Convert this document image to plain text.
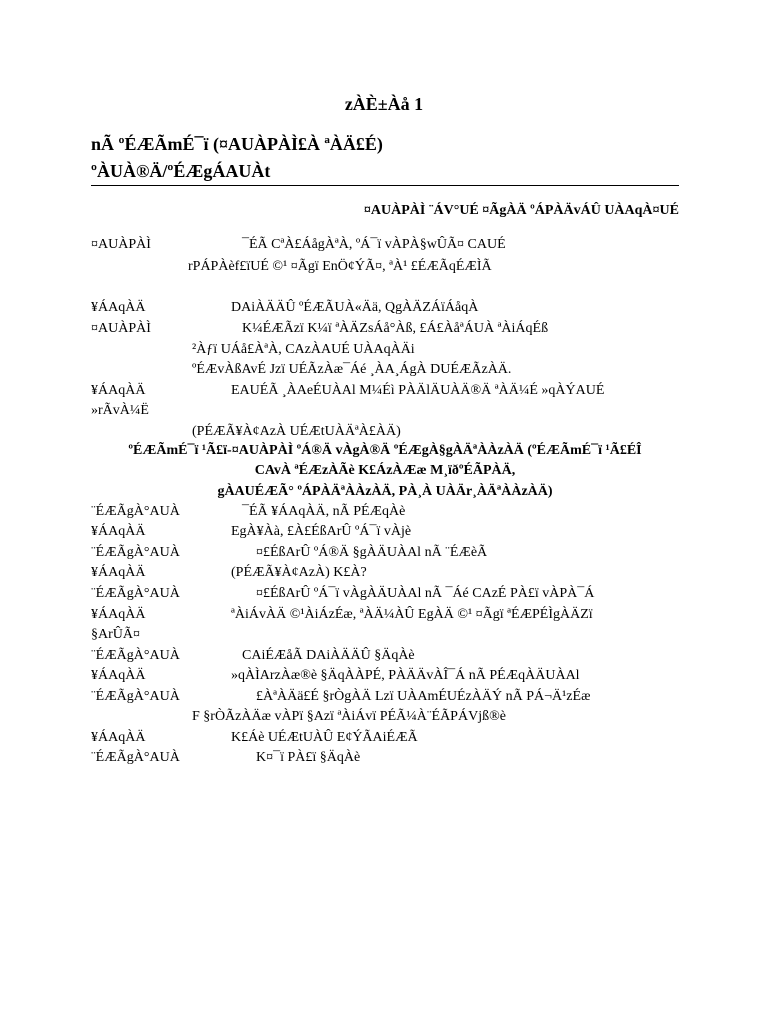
zÀÈ±Àå 1
nÃ ºÉÆÃmÉ¯ï (¤AUÀPÀÌ£À ªÀÄ£É)
ºÀUÀ®Ä/ºÉÆgÁAUÀt
¤AUÀPÀÌ ¨ÁV°UÉ ¤ÃgÀÄ ºÁPÀÄvÁÛ UÀAqÀ¤UÉ
¤AUÀPÀÌ	¯ÉÃ CªÀ£ÁågÀªÀ, ºÁ¯ï vÀPÀ§wÛÃ¤ CAUÉ
rPÁPÀèf£ïUÉ ©¹ ¤Ãgï EnÖ¢ÝÃ¤, ªÀ¹ £ÉÆÃqÉÆÌÃ
¥ÁAqÀÄ	DAiÀÄÄÛ ºÉÆÃUÀ«Ää, QgÀÄZÁïÁåqÀ
¤AUÀPÀÌ	K¼ÉÆÃzï K¼ï ªÀÄZsÁå°Àß, £Á£ÀåªÁUÀ ªÀiÁqÉß
²Àƒï UÁå£ÀªÀ, CAzÀAUÉ UÀAqÀÄi
ºÉÆvÀßAvÉ Jzï UÉÃzÀæ¯Áé ¸ÀA¸ÁgÀ DUÉÆÃzÀÄ.
¥ÁAqÀÄ	EAUÉÃ ¸ÀAeÉUÀAl M¼Éì PÀÄlÄUÀÄ®Ä ªÀÄ¼É »qÀÝAUÉ
»rÃvÀ¼Ë
(PÉÆÃ¥À¢AzÀ UÉÆtUÀÄªÀ£ÀÄ)
ºÉÆÃmÉ¯ï ¹Ã£ï-¤AUÀPÀÌ ºÁ®Ä vÀgÀ®Ä ºÉÆgÀ§gÀÄªÀÀzÀÄ (ºÉÆÃmÉ¯ï ¹Ã£ÉÎ
CAvÀ ªÉÆzÀÃè K£ÁzÀÆæ M¸ïðºÉÃPÀÄ,
gÀAUÉÆÃ° ºÁPÀÄªÀÀzÀÄ, PÀ¸À UÀÄr¸ÀÄªÀÀzÀÄ)
¨ÉÆÃgÀ°AUÀ	¯ÉÃ ¥ÁAqÀÄ, nÃ PÉÆqÀè
¥ÁAqÀÄ	EgÀ¥Àà, £À£ÉßArÛ ºÁ¯ï vÀjè
¨ÉÆÃgÀ°AUÀ	¤£ÉßArÛ ºÁ®Ä §gÀÄUÀAl nÃ ¨ÉÆèÃ
¥ÁAqÀÄ	(PÉÆÃ¥À¢AzÀ) K£À?
¨ÉÆÃgÀ°AUÀ	¤£ÉßArÛ ºÁ¯ï vÀgÀÄUÀAl nÃ ¯Áé CAzÉ PÀ£ï vÀPÀ¯Á
¥ÁAqÀÄ	ªÀiÁvÀÄ ©¹ÀiÁzÉæ, ªÀÄ¼ÀÛ EgÀÄ ©¹ ¤Ãgï ªÉÆPÉÌgÀÄZï
§ArÛÃ¤
¨ÉÆÃgÀ°AUÀ	CAiÉÆåÃ DAiÀÄÄÛ §ÄqÀè
¥ÁAqÀÄ	»qÀÌArzÀæ®è §ÄqÀÀPÉ, PÀÄÄvÀÎ¯Á nÃ PÉÆqÀÄUÀAl
¨ÉÆÃgÀ°AUÀ	£ÀªÀÄä£É §rÒgÀÄ Lzï UÀAmÉUÉzÀÄÝ nÃ PÁ¬Ä¹zÉæ
F §rÒÃzÀÄæ vÀPï §Azï ªÀiÁvï PÉÃ¼À¨ÉÃPÁVjß®è
¥ÁAqÀÄ	K£Áè UÉÆtUÀÛ E¢ÝÃAiÉÆÃ
¨ÉÆÃgÀ°AUÀ	K¤¯ï PÀ£ï §ÄqÀè
